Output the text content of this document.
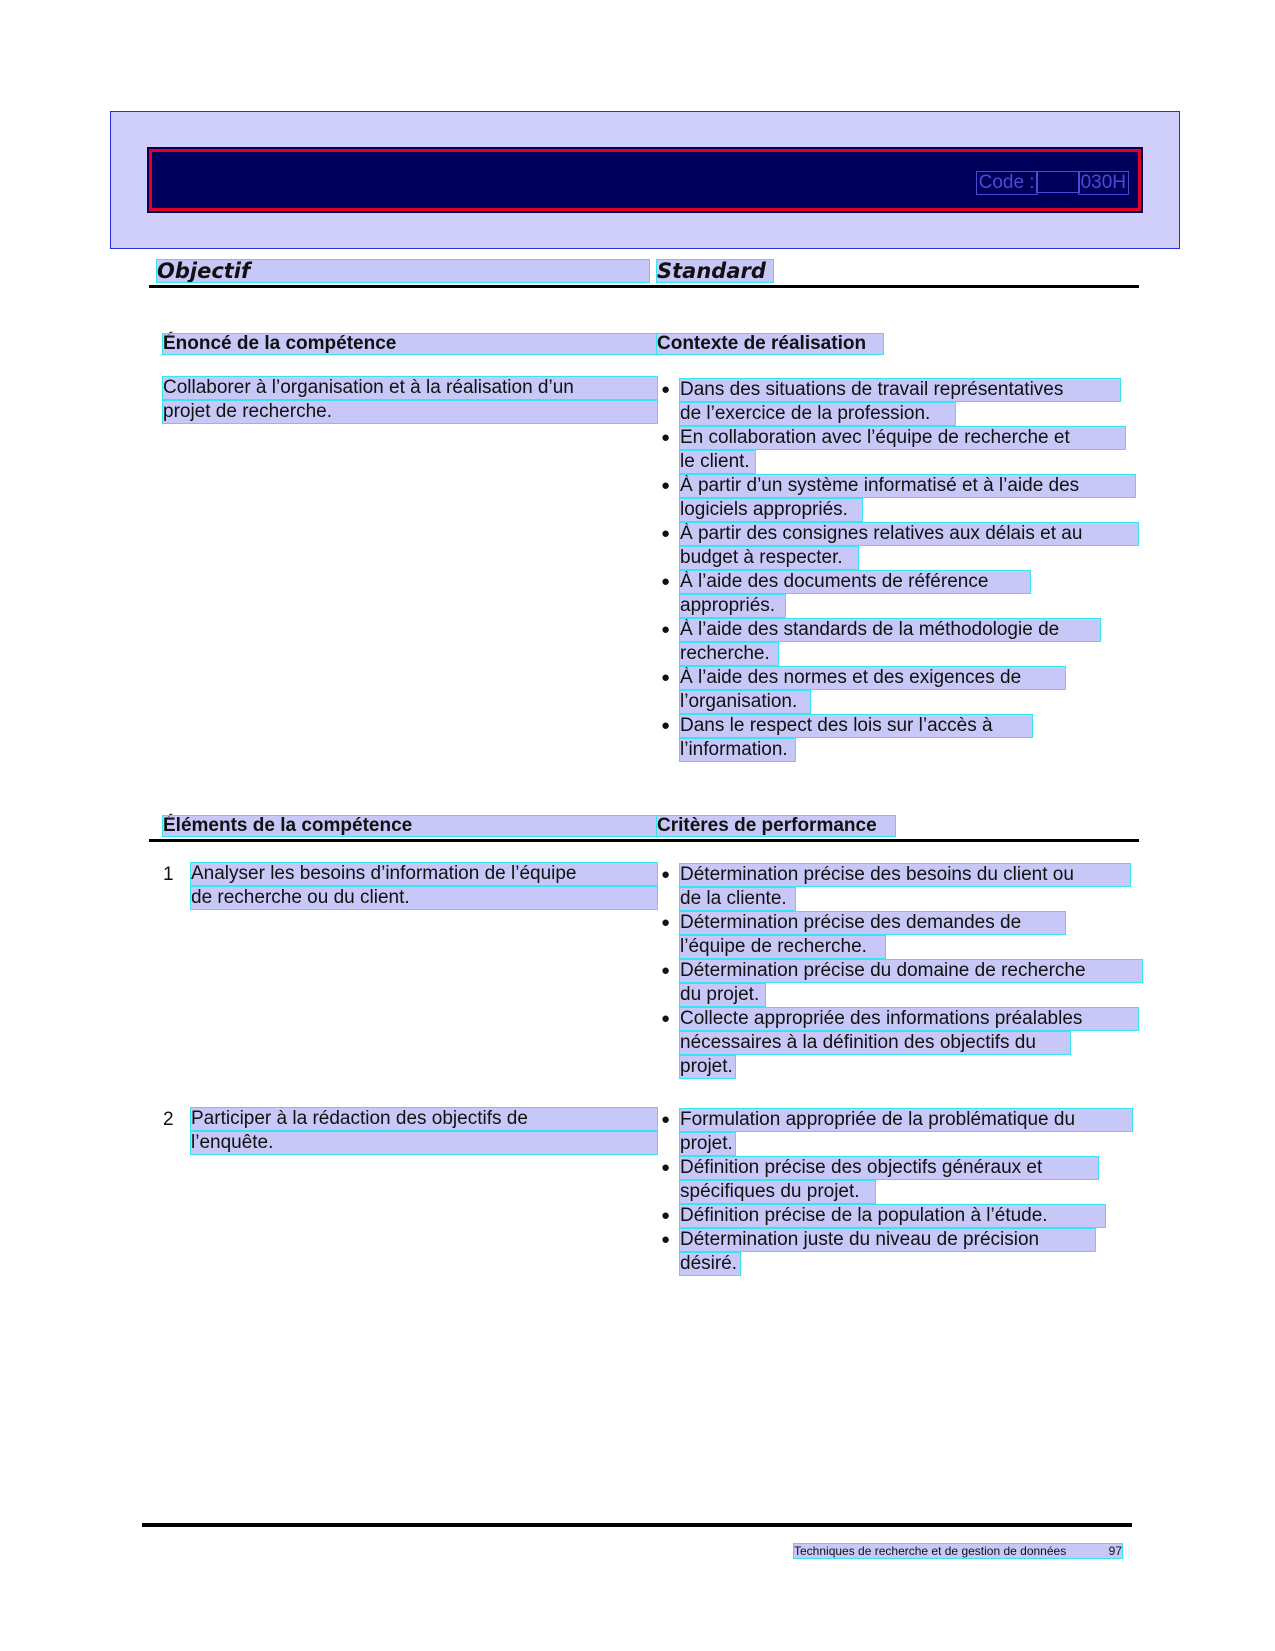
Code : 030H
Objectif	Standard
Énoncé de la compétence	Contexte de réalisation
Collaborer à l’organisation et à la réalisation d’un
projet de recherche.
● Dans des situations de travail représentatives
de l’exercice de la profession.
● En collaboration avec l’équipe de recherche et
le client.
● À partir d’un système informatisé et à l’aide des
logiciels appropriés.
● À partir des consignes relatives aux délais et au
budget à respecter.
● À l’aide des documents de référence
appropriés.
● À l’aide des standards de la méthodologie de
recherche.
● À l’aide des normes et des exigences de
l’organisation.
● Dans le respect des lois sur l’accès à
l’information.
Éléments de la compétence	Critères de performance
1 Analyser les besoins d’information de l’équipe
de recherche ou du client.
● Détermination précise des besoins du client ou
de la cliente.
● Détermination précise des demandes de
l’équipe de recherche.
● Détermination précise du domaine de recherche
du projet.
● Collecte appropriée des informations préalables
nécessaires à la définition des objectifs du
projet.
2 Participer à la rédaction des objectifs de
l’enquête.
● Formulation appropriée de la problématique du
projet.
● Définition précise des objectifs généraux et
spécifiques du projet.
● Définition précise de la population à l’étude.
● Détermination juste du niveau de précision
désiré.
Techniques de recherche et de gestion de données	97
